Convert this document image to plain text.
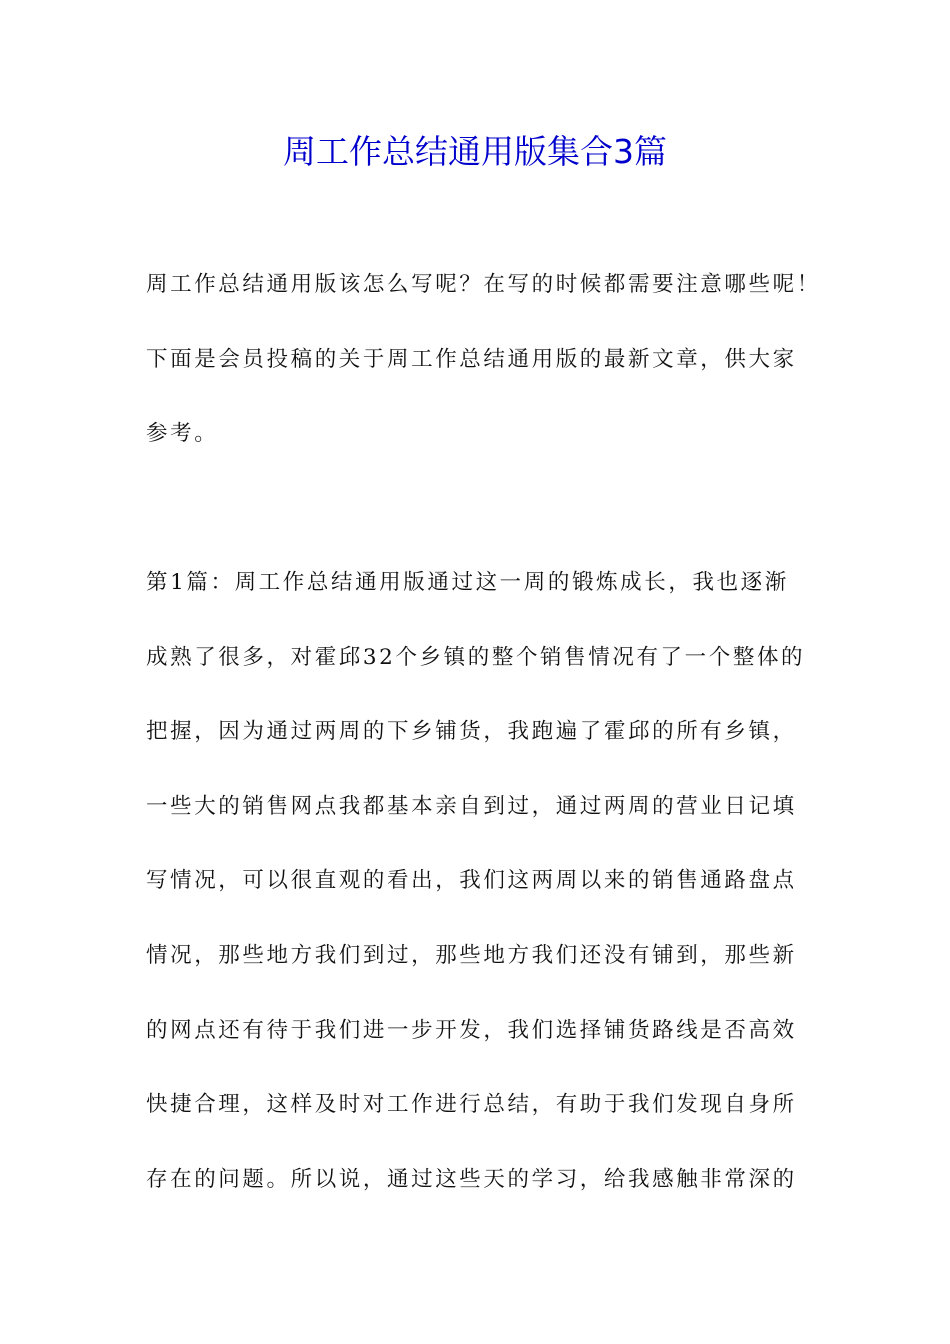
周工作总结通用版集合3篇
周工作总结通用版该怎么写呢？在写的时候都需要注意哪些呢！
下面是会员投稿的关于周工作总结通用版的最新文章，供大家
参考。
第1篇：周工作总结通用版通过这一周的锻炼成长，我也逐渐
成熟了很多，对霍邱32个乡镇的整个销售情况有了一个整体的
把握，因为通过两周的下乡铺货，我跑遍了霍邱的所有乡镇，
一些大的销售网点我都基本亲自到过，通过两周的营业日记填
写情况，可以很直观的看出，我们这两周以来的销售通路盘点
情况，那些地方我们到过，那些地方我们还没有铺到，那些新
的网点还有待于我们进一步开发，我们选择铺货路线是否高效
快捷合理，这样及时对工作进行总结，有助于我们发现自身所
存在的问题。所以说，通过这些天的学习，给我感触非常深的
